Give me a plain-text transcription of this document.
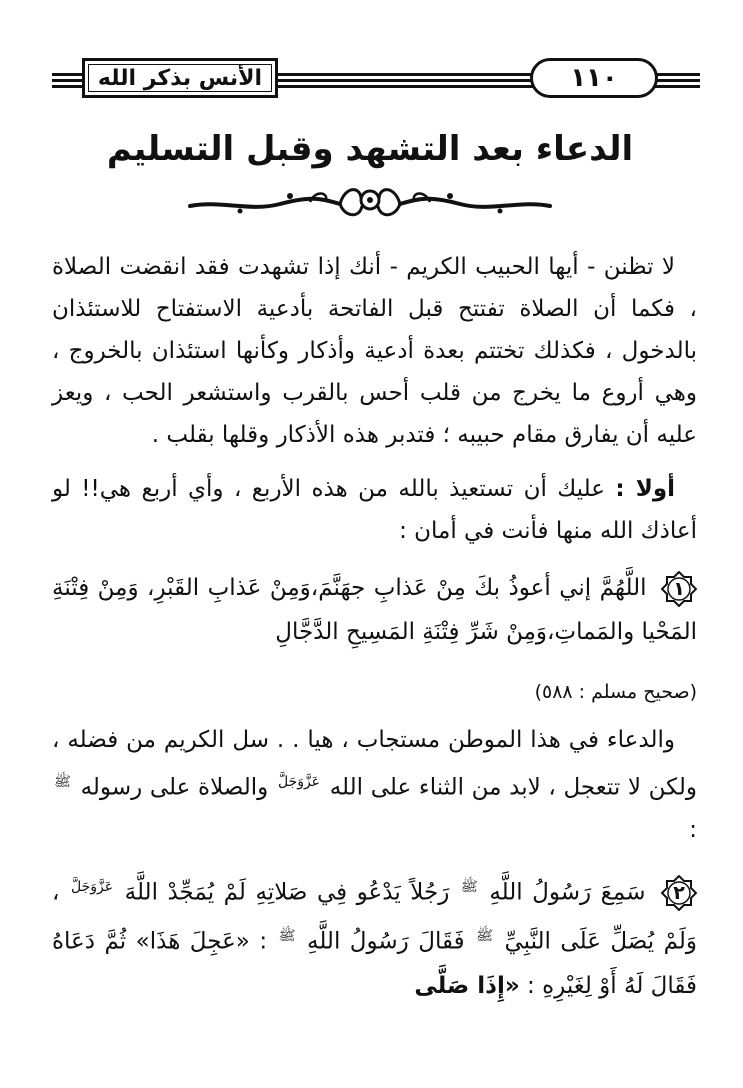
الأنس بذكر الله	١١٠
الدعاء بعد التشهد وقبل التسليم

لا تظنن - أيها الحبيب الكريم - أنك إذا تشهدت فقد انقضت الصلاة ، فكما أن الصلاة تفتتح قبل الفاتحة بأدعية الاستفتاح للاستئذان بالدخول ، فكذلك تختتم بعدة أدعية وأذكار وكأنها استئذان بالخروج ، وهي أروع ما يخرج من قلب أحس بالقرب واستشعر الحب ، ويعز عليه أن يفارق مقام حبيبه ؛ فتدبر هذه الأذكار وقلها بقلب .

أولا : عليك أن تستعيذ بالله من هذه الأربع ، وأي أربع هي!! لو أعاذك الله منها فأنت في أمان :

١
اللَّهُمَّ إني أعوذُ بكَ مِنْ عَذابِ جهَنَّمَ،وَمِنْ عَذابِ القَبْرِ، وَمِنْ فِتْنَةِ المَحْيا والمَماتِ،وَمِنْ شَرِّ فِتْنَةِ المَسِيحِ الدَّجَّالِ

(صحيح مسلم : ٥٨٨)

والدعاء في هذا الموطن مستجاب ، هيا . . سل الكريم من فضله ، ولكن لا تتعجل ، لابد من الثناء على الله $^{عَزَّوَجَلَّ}$ والصلاة على رسوله $^ﷺ$ :

٢
سَمِعَ رَسُولُ اللَّهِ $^ﷺ$ رَجُلاً يَدْعُو فِي صَلاتِهِ لَمْ يُمَجِّدْ اللَّهَ $^{عَزَّوَجَلَّ}$ ، وَلَمْ يُصَلِّ عَلَى النَّبِيِّ $^ﷺ$ فَقَالَ رَسُولُ اللَّهِ $^ﷺ$ : «عَجِلَ هَذَا» ثُمَّ دَعَاهُ فَقَالَ لَهُ أَوْ لِغَيْرِهِ : «إِذَا صَلَّى
